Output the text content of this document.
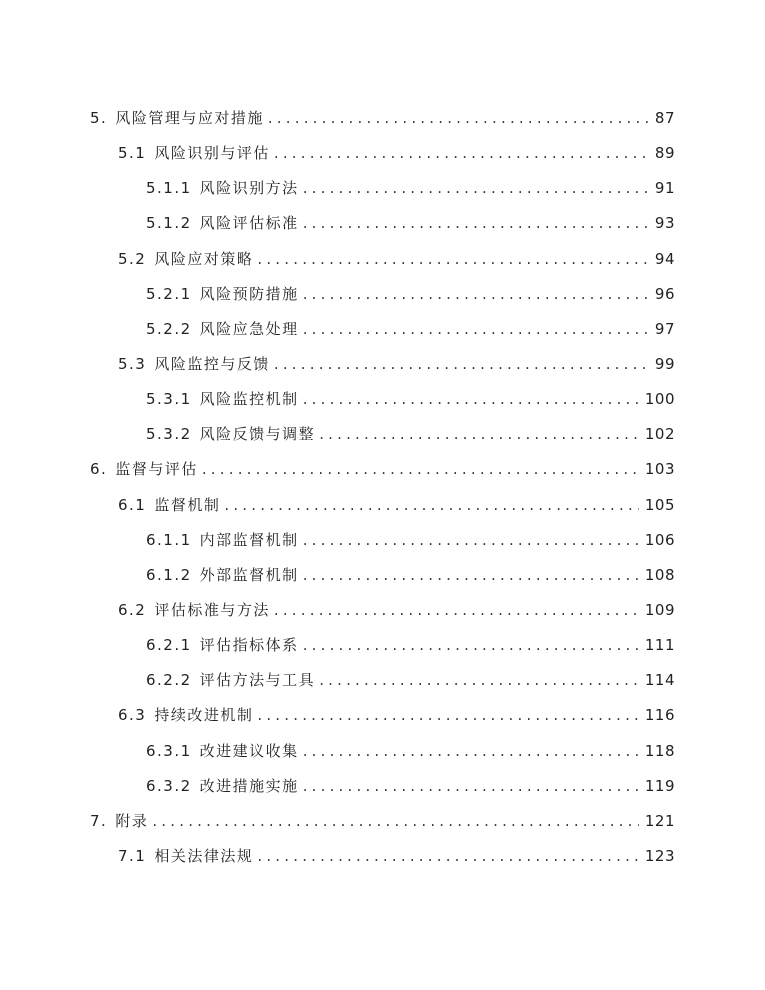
5. 风险管理与应对措施 .....	87
5.1 风险识别与评估 .....	89
5.1.1 风险识别方法 .....	91
5.1.2 风险评估标准 .....	93
5.2 风险应对策略 .....	94
5.2.1 风险预防措施 .....	96
5.2.2 风险应急处理 .....	97
5.3 风险监控与反馈 .....	99
5.3.1 风险监控机制 .....	100
5.3.2 风险反馈与调整 .....	102
6. 监督与评估 .....	103
6.1 监督机制 .....	105
6.1.1 内部监督机制 .....	106
6.1.2 外部监督机制 .....	108
6.2 评估标准与方法 .....	109
6.2.1 评估指标体系 .....	111
6.2.2 评估方法与工具 .....	114
6.3 持续改进机制 .....	116
6.3.1 改进建议收集 .....	118
6.3.2 改进措施实施 .....	119
7. 附录 .....	121
7.1 相关法律法规 .....	123
